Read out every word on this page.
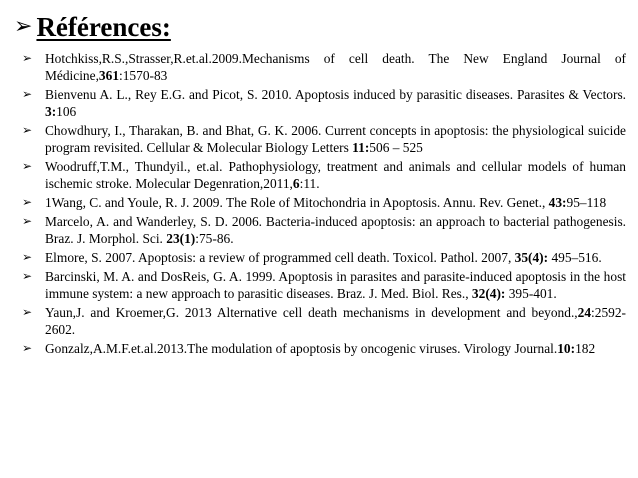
➢ Références:
➢ Hotchkiss,R.S.,Strasser,R.et.al.2009.Mechanisms of cell death. The New England Journal of Médicine,361:1570-83
➢ Bienvenu A. L., Rey E.G. and Picot, S. 2010. Apoptosis induced by parasitic diseases. Parasites & Vectors. 3:106
➢ Chowdhury, I., Tharakan, B. and Bhat, G. K. 2006. Current concepts in apoptosis: the physiological suicide program revisited. Cellular & Molecular Biology Letters 11:506 – 525
➢ Woodruff,T.M., Thundyil., et.al. Pathophysiology, treatment and animals and cellular models of human ischemic stroke. Molecular Degenration,2011,6:11.
➢ 1Wang, C. and Youle, R. J. 2009. The Role of Mitochondria in Apoptosis. Annu. Rev. Genet., 43:95–118
➢ Marcelo, A. and Wanderley, S. D. 2006. Bacteria-induced apoptosis: an approach to bacterial pathogenesis. Braz. J. Morphol. Sci. 23(1):75-86.
➢ Elmore, S. 2007. Apoptosis: a review of programmed cell death. Toxicol. Pathol. 2007, 35(4): 495–516.
➢ Barcinski, M. A. and DosReis, G. A. 1999. Apoptosis in parasites and parasite-induced apoptosis in the host immune system: a new approach to parasitic diseases. Braz. J. Med. Biol. Res., 32(4): 395-401.
➢ Yaun,J. and Kroemer,G. 2013 Alternative cell death mechanisms in development and beyond.,24:2592-2602.
➢ Gonzalz,A.M.F.et.al.2013.The modulation of apoptosis by oncogenic viruses. Virology Journal.10:182
